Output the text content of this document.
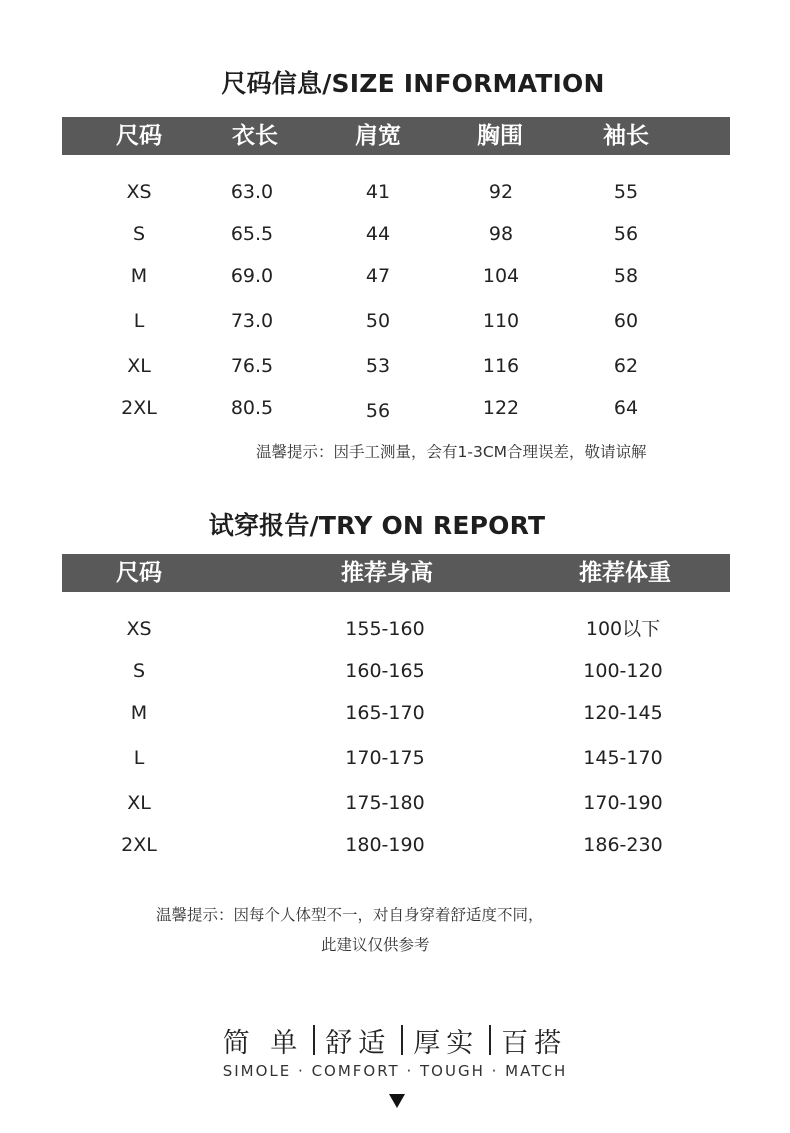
尺码信息/SIZE INFORMATION
尺码	衣长	肩宽	胸围	袖长
XS	63.0	41	92	55
S	65.5	44	98	56
M	69.0	47	104	58
L	73.0	50	110	60
XL	76.5	53	116	62
2XL	80.5	56	122	64
温馨提示：因手工测量，会有1-3CM合理误差，敬请谅解
试穿报告/TRY ON REPORT
尺码	推荐身高	推荐体重
XS	155-160	100以下
S	160-165	100-120
M	165-170	120-145
L	170-175	145-170
XL	175-180	170-190
2XL	180-190	186-230
温馨提示：因每个人体型不一，对自身穿着舒适度不同，
此建议仅供参考
简 单 舒适 厚实 百搭
SIMOLE · COMFORT · TOUGH · MATCH
